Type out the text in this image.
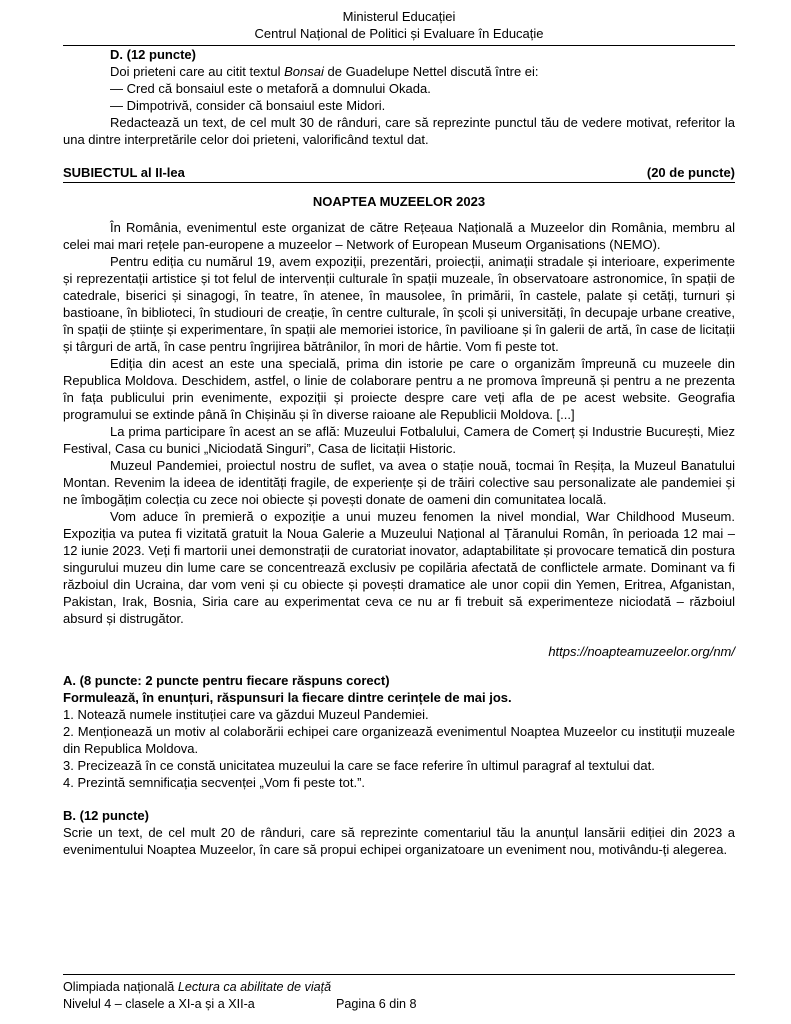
Ministerul Educației
Centrul Național de Politici și Evaluare în Educație

D. (12 puncte)

Doi prieteni care au citit textul Bonsai de Guadelupe Nettel discută între ei:

— Cred că bonsaiul este o metaforă a domnului Okada.

— Dimpotrivă, consider că bonsaiul este Midori.

Redactează un text, de cel mult 30 de rânduri, care să reprezinte punctul tău de vedere motivat, referitor la una dintre interpretările celor doi prieteni, valorificând textul dat.

SUBIECTUL al II-lea	(20 de puncte)
NOAPTEA MUZEELOR 2023

În România, evenimentul este organizat de către Rețeaua Națională a Muzeelor din România, membru al celei mai mari rețele pan-europene a muzeelor – Network of European Museum Organisations (NEMO).

Pentru ediția cu numărul 19, avem expoziții, prezentări, proiecții, animații stradale și interioare, experimente și reprezentații artistice și tot felul de intervenții culturale în spații muzeale, în observatoare astronomice, în spații de catedrale, biserici și sinagogi, în teatre, în atenee, în mausolee, în primării, în castele, palate și cetăți, turnuri și bastioane, în biblioteci, în studiouri de creație, în centre culturale, în școli și universități, în decupaje urbane creative, în spații de științe și experimentare, în spații ale memoriei istorice, în pavilioane și în galerii de artă, în case de licitații și târguri de artă, în case pentru îngrijirea bătrânilor, în mori de hârtie. Vom fi peste tot.

Ediția din acest an este una specială, prima din istorie pe care o organizăm împreună cu muzeele din Republica Moldova. Deschidem, astfel, o linie de colaborare pentru a ne promova împreună și pentru a ne prezenta în fața publicului prin evenimente, expoziții și proiecte despre care veți afla de pe acest website. Geografia programului se extinde până în Chișinău și în diverse raioane ale Republicii Moldova. [...]

La prima participare în acest an se află: Muzeului Fotbalului, Camera de Comerț și Industrie București, Miez Festival, Casa cu bunici „Niciodată Singuri”, Casa de licitații Historic.

Muzeul Pandemiei, proiectul nostru de suflet, va avea o stație nouă, tocmai în Reșița, la Muzeul Banatului Montan. Revenim la ideea de identități fragile, de experiențe și de trăiri colective sau personalizate ale pandemiei și ne îmbogățim colecția cu zece noi obiecte și povești donate de oameni din comunitatea locală.

Vom aduce în premieră o expoziție a unui muzeu fenomen la nivel mondial, War Childhood Museum. Expoziția va putea fi vizitată gratuit la Noua Galerie a Muzeului Național al Țăranului Român, în perioada 12 mai – 12 iunie 2023. Veți fi martorii unei demonstrații de curatoriat inovator, adaptabilitate și provocare tematică din postura singurului muzeu din lume care se concentrează exclusiv pe copilăria afectată de conflictele armate. Dominant va fi războiul din Ucraina, dar vom veni și cu obiecte și povești dramatice ale unor copii din Yemen, Eritrea, Afganistan, Pakistan, Irak, Bosnia, Siria care au experimentat ceva ce nu ar fi trebuit să experimenteze niciodată – războiul absurd și distrugător.

https://noapteamuzeelor.org/nm/

A. (8 puncte: 2 puncte pentru fiecare răspuns corect)

Formulează, în enunțuri, răspunsuri la fiecare dintre cerințele de mai jos.

1. Notează numele instituției care va găzdui Muzeul Pandemiei.

2. Menționează un motiv al colaborării echipei care organizează evenimentul Noaptea Muzeelor cu instituții muzeale din Republica Moldova.

3. Precizează în ce constă unicitatea muzeului la care se face referire în ultimul paragraf al textului dat.

4. Prezintă semnificația secvenței „Vom fi peste tot.”.

B. (12 puncte)

Scrie un text, de cel mult 20 de rânduri, care să reprezinte comentariul tău la anunțul lansării ediției din 2023 a evenimentului Noaptea Muzeelor, în care să propui echipei organizatoare un eveniment nou, motivându-ți alegerea.

Olimpiada națională Lectura ca abilitate de viață
Nivelul 4 – clasele a XI-a și a XII-a	Pagina 6 din 8
